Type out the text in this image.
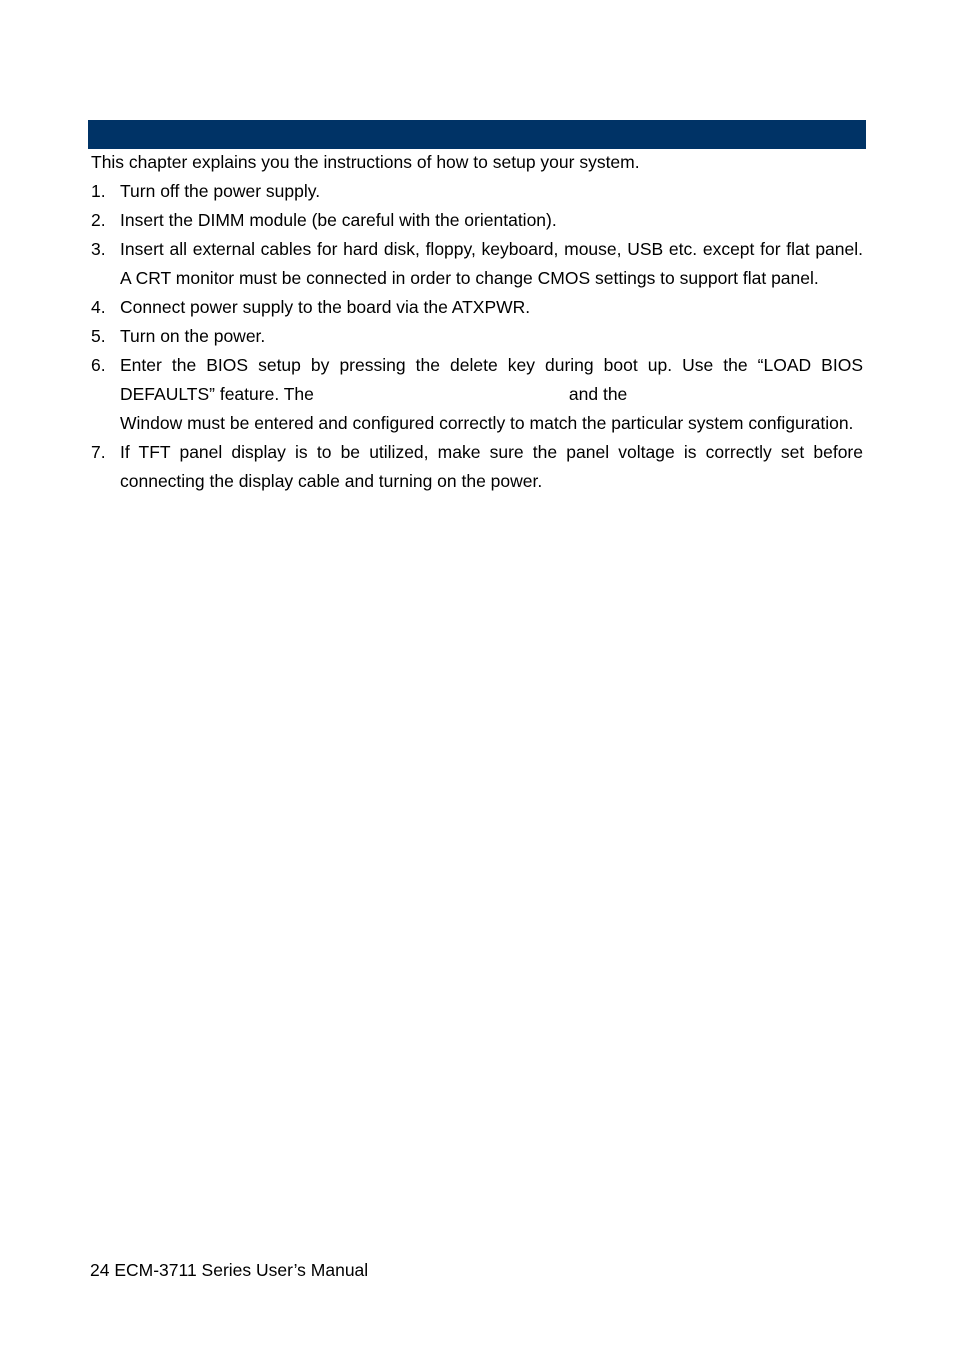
This chapter explains you the instructions of how to setup your system.

1. Turn off the power supply.
2. Insert the DIMM module (be careful with the orientation).
3. Insert all external cables for hard disk, floppy, keyboard, mouse, USB etc. except for flat panel. A CRT monitor must be connected in order to change CMOS settings to support flat panel.
4. Connect power supply to the board via the ATXPWR.
5. Turn on the power.
6. Enter the BIOS setup by pressing the delete key during boot up. Use the “LOAD BIOS DEFAULTS” feature. The	and the
Window must be entered and configured correctly to match the particular system configuration.
7. If TFT panel display is to be utilized, make sure the panel voltage is correctly set before connecting the display cable and turning on the power.
24 ECM-3711 Series User’s Manual
